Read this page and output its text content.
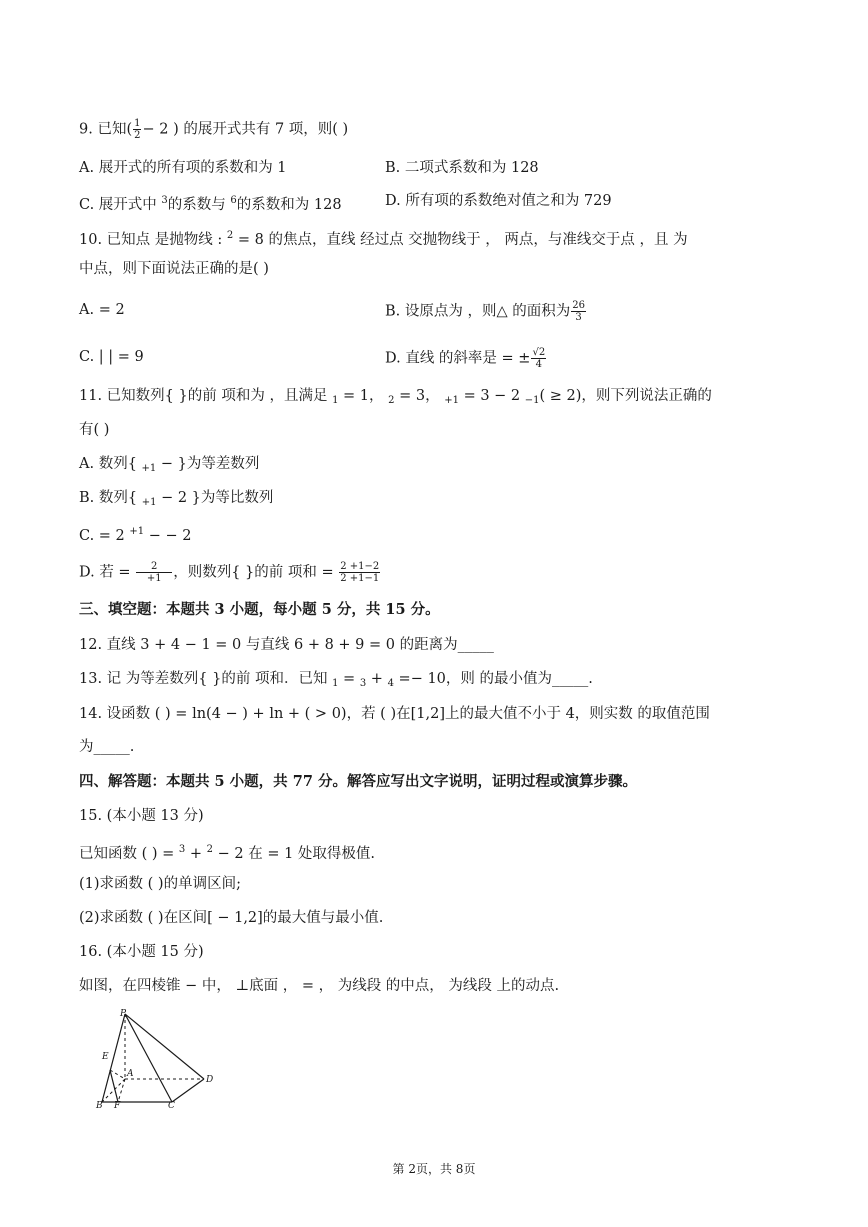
9. 已知( $\frac{1}{2} - 2$ ) 的展开式共有 7 项，则( )
A. 展开式的所有项的系数和为 1	B. 二项式系数和为 128
C. 展开式中 $^3$的系数与 $^6$的系数和为 128	D. 所有项的系数绝对值之和为 729
10. 已知点 是抛物线 : $^2$ = 8 的焦点，直线 经过点 交抛物线于 ， 两点，与准线交于点 ，且 为
中点，则下面说法正确的是( )
A. = 2	B. 设原点为 ，则△ 的面积为 $\frac{26}{3}$
C. | | = 9	D. 直线 的斜率是 = ± $\frac{√2}{4}$
11. 已知数列{ }的前 项和为 ，且满足 $_1$ = 1， $_2$ = 3， $_{+1}$ = 3 − 2 $_{-1}$( ≥ 2)，则下列说法正确的
有( )
A. 数列{ $_{+1}$ − }为等差数列
B. 数列{ $_{+1}$ − 2 }为等比数列
C. = 2 $^{+1}$ − − 2
D. 若 = $\frac{2}{+1}$ ，则数列{ }的前 项和 = $\frac{2 +1-2}{2 +1-1}$
三、填空题：本题共 3 小题，每小题 5 分，共 15 分。
12. 直线 3 + 4 − 1 = 0 与直线 6 + 8 + 9 = 0 的距离为_____
13. 记 为等差数列{ }的前 项和．已知 $_1$ = $_3$ + $_4$ =− 10，则 的最小值为_____.
14. 设函数 ( ) = ln(4 − ) + ln + ( > 0)，若 ( )在[1,2]上的最大值不小于 4，则实数 的取值范围
为_____.
四、解答题：本题共 5 小题，共 77 分。解答应写出文字说明，证明过程或演算步骤。
15. (本小题 13 分)
已知函数 ( ) = $^3$ + $^2$ − 2 在 = 1 处取得极值.
(1)求函数 ( )的单调区间;
(2)求函数 ( )在区间[ − 1,2]的最大值与最小值.
16. (本小题 15 分)
如图，在四棱锥 − 中， ⊥底面 ， = ， 为线段 的中点， 为线段 上的动点.
P
E
A
D
B F	C
第 2页，共 8页
